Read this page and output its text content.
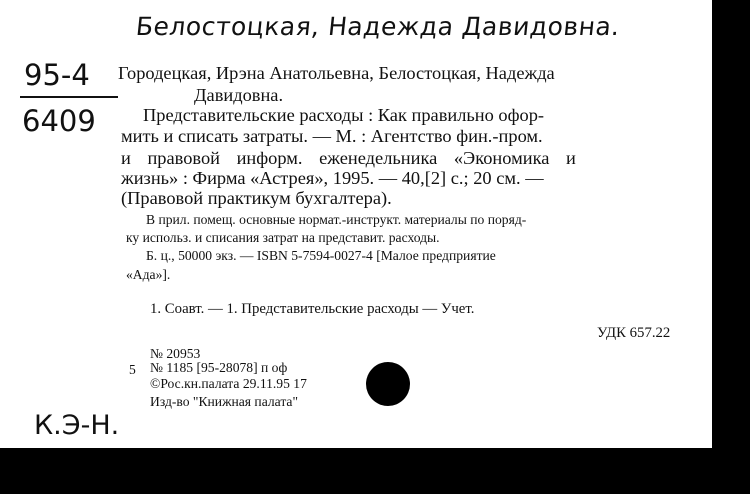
Белостоцкая, Надежда Давидовна.
95-4
6409
Городецкая, Ирэна Анатольевна, Белостоцкая, Надежда
Давидовна.
Представительские расходы : Как правильно офор-
мить и списать затраты. — М. : Агентство фин.-пром.
и правовой информ. еженедельника «Экономика и
жизнь» : Фирма «Астрея», 1995. — 40,[2] с.; 20 см. —
(Правовой практикум бухгалтера).
В прил. помещ. основные нормат.-инструкт. материалы по поряд-
ку использ. и списания затрат на представит. расходы.
Б. ц., 50000 экз. — ISBN 5-7594-0027-4 [Малое предприятие
«Ада»].
1. Соавт. — 1. Представительские расходы — Учет.
УДК 657.22
№ 20953
5 № 1185 [95-28078] п оф
©Рос.кн.палата 29.11.95 17
Изд-во "Книжная палата"
К.Э-Н.
